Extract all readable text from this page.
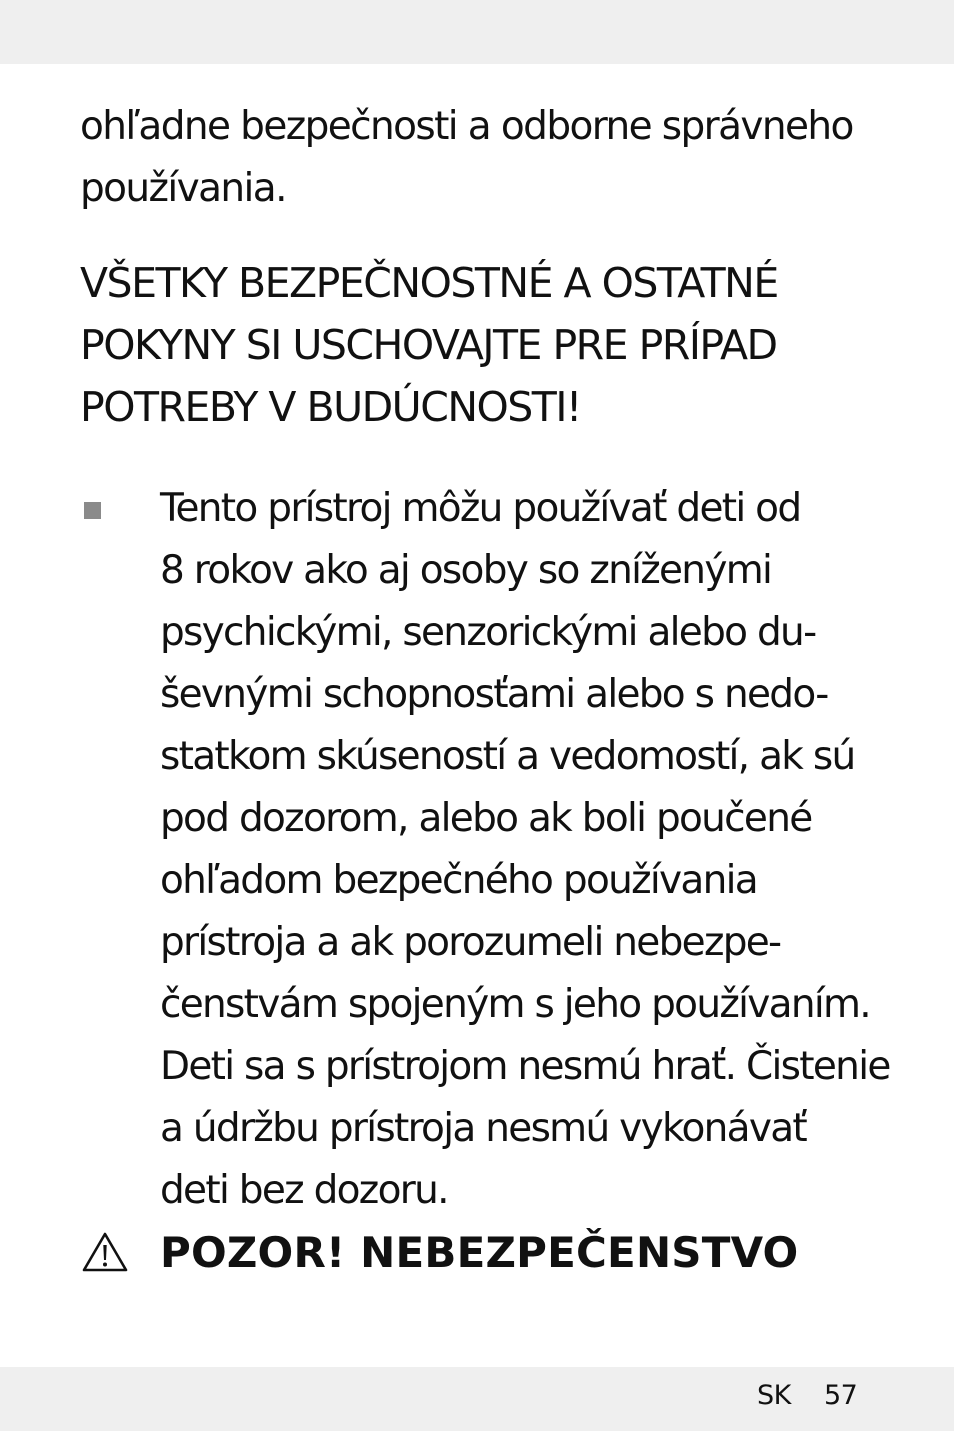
ohľadne bezpečnosti a odborne správneho

používania.

VŠETKY BEZPEČNOSTNÉ A OSTATNÉ

POKYNY SI USCHOVAJTE PRE PRÍPAD

POTREBY V BUDÚCNOSTI!

Tento prístroj môžu používať deti od

8 rokov ako aj osoby so zníženými

psychickými, senzorickými alebo du-

ševnými schopnosťami alebo s nedo-

statkom skúseností a vedomostí, ak sú

pod dozorom, alebo ak boli poučené

ohľadom bezpečného používania

prístroja a ak porozumeli nebezpe-

čenstvám spojeným s jeho používaním.

Deti sa s prístrojom nesmú hrať. Čistenie

a údržbu prístroja nesmú vykonávať

deti bez dozoru.

POZOR! NEBEZPEČENSTVO
SK 57
